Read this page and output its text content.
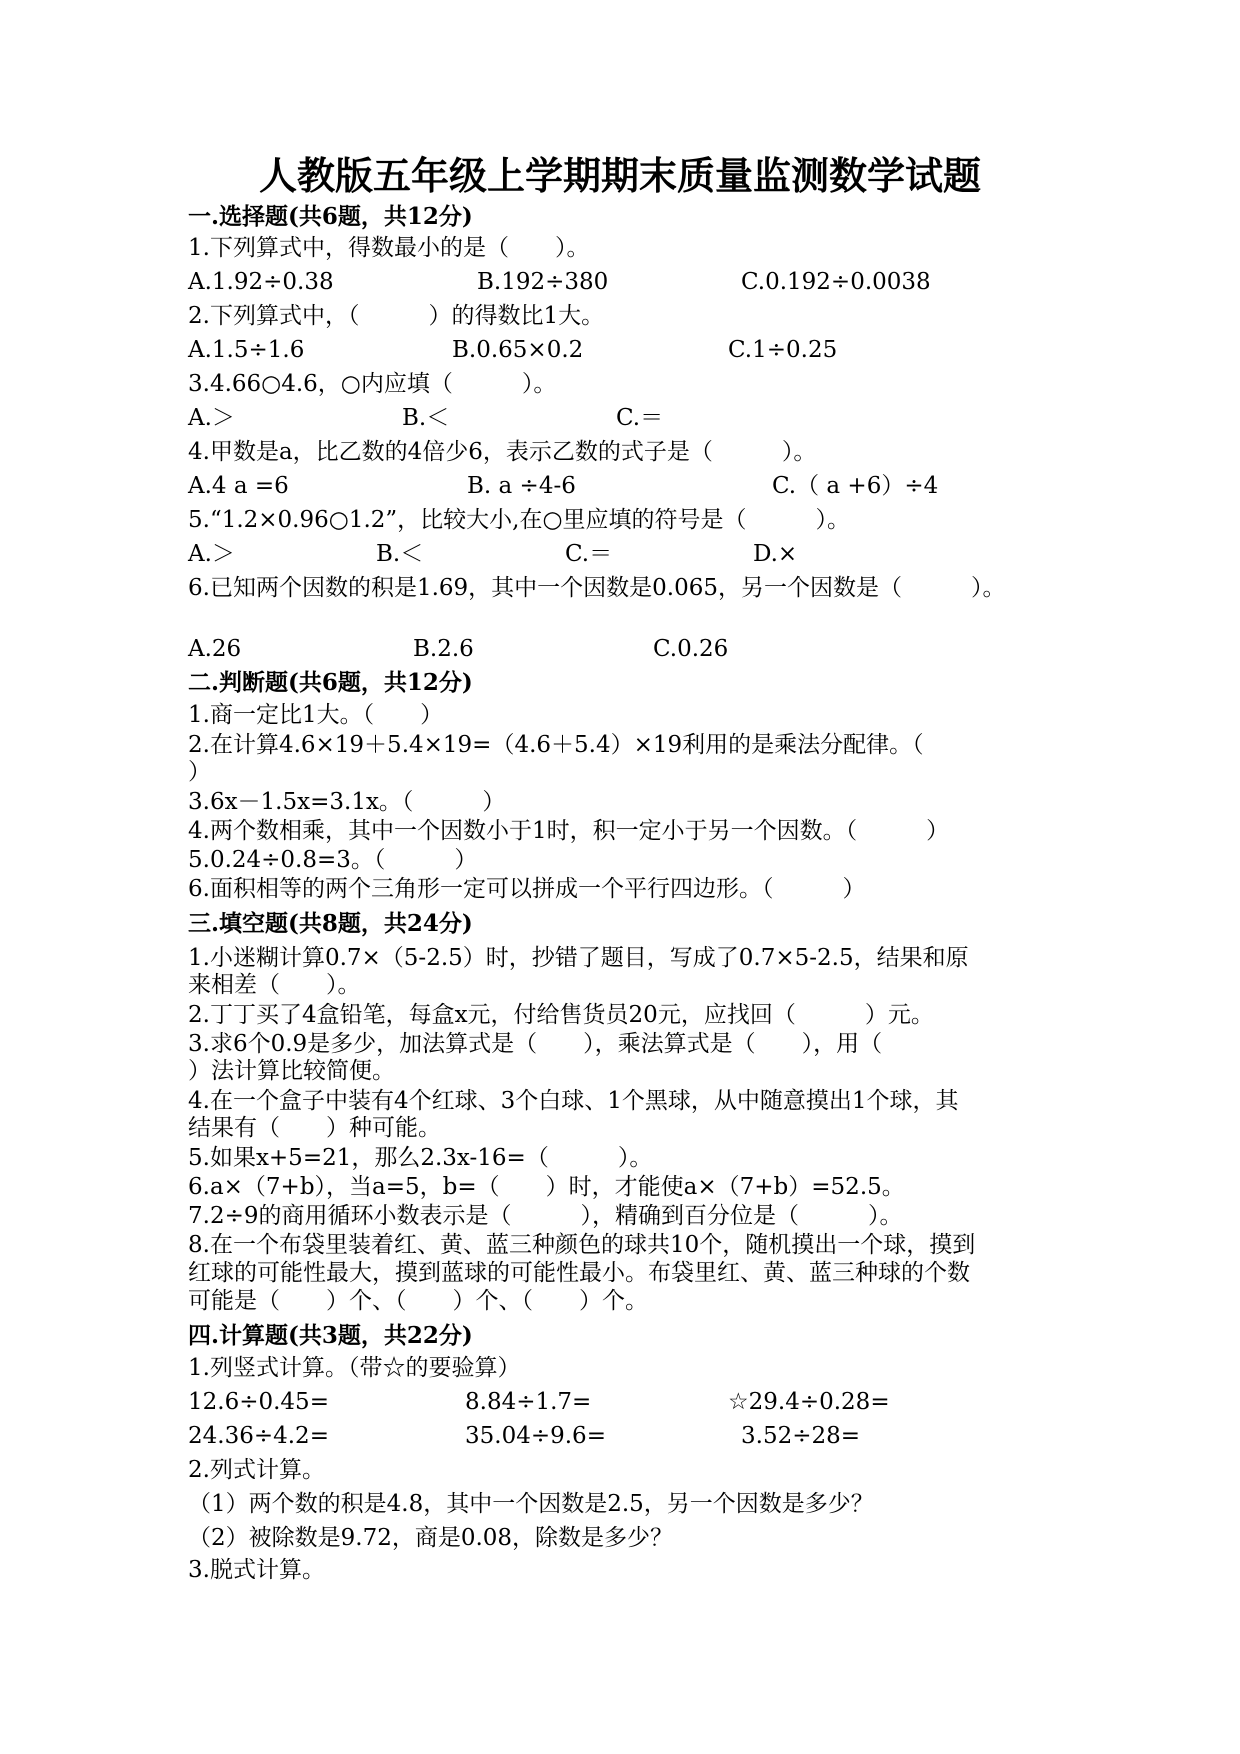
人教版五年级上学期期末质量监测数学试题
一.选择题(共6题，共12分)
1.下列算式中，得数最小的是（　　）。
A.1.92÷0.38	B.192÷380	C.0.192÷0.0038
2.下列算式中，（　　　）的得数比1大。
A.1.5÷1.6	B.0.65×0.2	C.1÷0.25
3.4.66○4.6，○内应填（　　　）。
A.＞	B.＜	C.＝
4.甲数是a，比乙数的4倍少6，表示乙数的式子是（　　　）。
A.4 a =6	B. a ÷4-6	C.（ a +6）÷4
5.“1.2×0.96○1.2”，比较大小,在○里应填的符号是（　　　）。
A.＞	B.＜	C.＝	D.×
6.已知两个因数的积是1.69，其中一个因数是0.065，另一个因数是（　　　）。
A.26	B.2.6	C.0.26
二.判断题(共6题，共12分)
1.商一定比1大。（　　）
2.在计算4.6×19＋5.4×19=（4.6＋5.4）×19利用的是乘法分配律。（
）
3.6x－1.5x=3.1x。（　　　）
4.两个数相乘，其中一个因数小于1时，积一定小于另一个因数。（　　　）
5.0.24÷0.8=3。（　　　）
6.面积相等的两个三角形一定可以拼成一个平行四边形。（　　　）
三.填空题(共8题，共24分)
1.小迷糊计算0.7×（5-2.5）时，抄错了题目，写成了0.7×5-2.5，结果和原
来相差（　　）。
2.丁丁买了4盒铅笔，每盒x元，付给售货员20元，应找回（　　　）元。
3.求6个0.9是多少，加法算式是（　　），乘法算式是（　　），用（
）法计算比较简便。
4.在一个盒子中装有4个红球、3个白球、1个黑球，从中随意摸出1个球，其
结果有（　　）种可能。
5.如果x+5=21，那么2.3x-16=（　　　）。
6.a×（7+b），当a=5，b=（　　）时，才能使a×（7+b）=52.5。
7.2÷9的商用循环小数表示是（　　　），精确到百分位是（　　　）。
8.在一个布袋里装着红、黄、蓝三种颜色的球共10个，随机摸出一个球，摸到
红球的可能性最大，摸到蓝球的可能性最小。布袋里红、黄、蓝三种球的个数
可能是（　　）个、（　　）个、（　　）个。
四.计算题(共3题，共22分)
1.列竖式计算。（带☆的要验算）
12.6÷0.45=	8.84÷1.7=	☆29.4÷0.28=
24.36÷4.2=	35.04÷9.6=	3.52÷28=
2.列式计算。
（1）两个数的积是4.8，其中一个因数是2.5，另一个因数是多少？
（2）被除数是9.72，商是0.08，除数是多少？
3.脱式计算。
